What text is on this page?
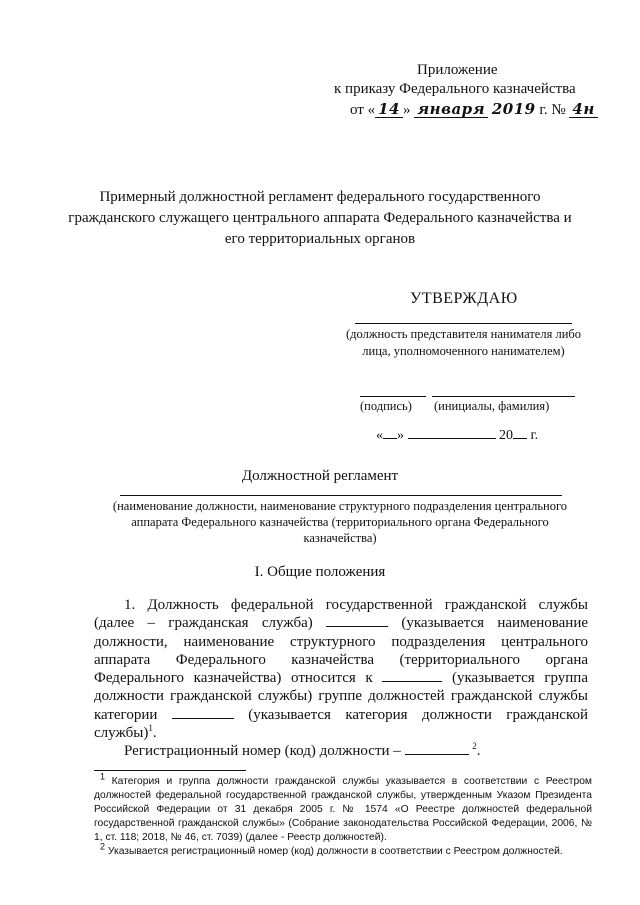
Приложение
к приказу Федерального казначейства
от « 14 » января 2019 г. № 4н
Примерный должностной регламент федерального государственного гражданского служащего центрального аппарата Федерального казначейства и его территориальных органов
УТВЕРЖДАЮ
(должность представителя нанимателя либо лица, уполномоченного нанимателем)
(подпись) (инициалы, фамилия)
« »	20 г.
Должностной регламент
(наименование должности, наименование структурного подразделения центрального аппарата Федерального казначейства (территориального органа Федерального казначейства)
I. Общие положения

1. Должность федеральной государственной гражданской службы (далее – гражданская служба)	(указывается наименование должности, наименование структурного подразделения центрального аппарата Федерального казначейства (территориального органа Федерального казначейства) относится к	(указывается группа должности гражданской службы) группе должностей гражданской службы категории	(указывается категория должности гражданской службы)$^1$.

Регистрационный номер (код) должности –	$^2$.

$^1$ Категория и группа должности гражданской службы указывается в соответствии с Реестром должностей федеральной государственной гражданской службы, утвержденным Указом Президента Российской Федерации от 31 декабря 2005 г. № 1574 «О Реестре должностей федеральной государственной гражданской службы» (Собрание законодательства Российской Федерации, 2006, № 1, ст. 118; 2018, № 46, ст. 7039) (далее - Реестр должностей).

$^2$ Указывается регистрационный номер (код) должности в соответствии с Реестром должностей.
